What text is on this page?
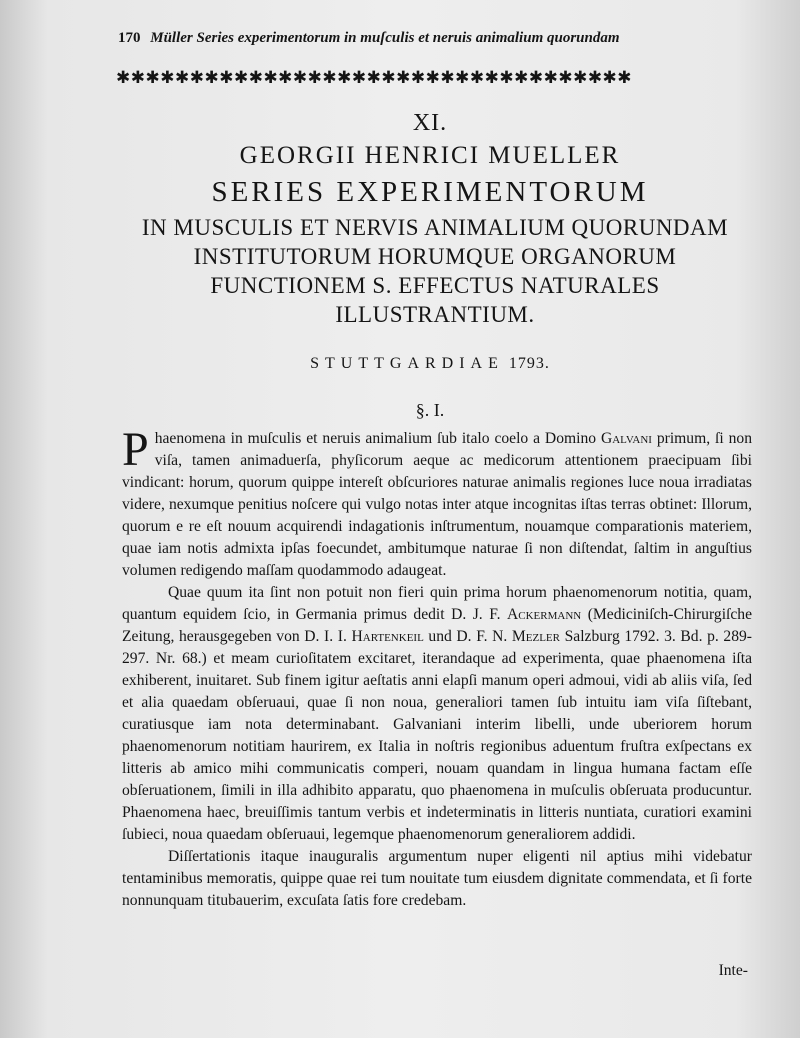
170 Müller Series experimentorum in muſculis et neruis animalium quorundam
✱✱✱✱✱✱✱✱✱✱✱✱✱✱✱✱✱✱✱✱✱✱✱✱✱✱✱✱✱✱✱✱✱✱✱
XI.
GEORGII HENRICI MUELLER
SERIES EXPERIMENTORUM
IN MUSCULIS ET NERVIS ANIMALIUM QUORUNDAM INSTITUTORUM HORUMQUE ORGANORUM FUNCTIONEM S. EFFECTUS NATURALES ILLUSTRANTIUM.
STUTTGARDIAE 1793.
§. I.

Phaenomena in muſculis et neruis animalium ſub italo coelo a Domino Galvani primum, ſi non viſa, tamen animaduerſa, phyſicorum aeque ac medicorum attentionem praecipuam ſibi vindicant: horum, quorum quippe intereſt obſcuriores naturae animalis regiones luce noua irradiatas videre, nexumque penitius noſcere qui vulgo notas inter atque incognitas iſtas terras obtinet: Illorum, quorum e re eſt nouum acquirendi indagationis inſtrumentum, nouamque comparationis materiem, quae iam notis admixta ipſas foecundet, ambitumque naturae ſi non diſtendat, ſaltim in anguſtius volumen redigendo maſſam quodammodo adaugeat.

Quae quum ita ſint non potuit non fieri quin prima horum phaenomenorum notitia, quam, quantum equidem ſcio, in Germania primus dedit D. J. F. Ackermann (Mediciniſch-Chirurgiſche Zeitung, herausgegeben von D. I. I. Hartenkeil und D. F. N. Mezler Salzburg 1792. 3. Bd. p. 289-297. Nr. 68.) et meam curioſitatem excitaret, iterandaque ad experimenta, quae phaenomena iſta exhiberent, inuitaret. Sub finem igitur aeſtatis anni elapſi manum operi admoui, vidi ab aliis viſa, ſed et alia quaedam obſeruaui, quae ſi non noua, generaliori tamen ſub intuitu iam viſa ſiſtebant, curatiusque iam nota determinabant. Galvaniani interim libelli, unde uberiorem horum phaenomenorum notitiam haurirem, ex Italia in noſtris regionibus aduentum fruſtra exſpectans ex litteris ab amico mihi communicatis comperi, nouam quandam in lingua humana factam eſſe obſeruationem, ſimili in illa adhibito apparatu, quo phaenomena in muſculis obſeruata producuntur. Phaenomena haec, breuiſſimis tantum verbis et indeterminatis in litteris nuntiata, curatiori examini ſubieci, noua quaedam obſeruaui, legemque phaenomenorum generaliorem addidi.

Diſſertationis itaque inauguralis argumentum nuper eligenti nil aptius mihi videbatur tentaminibus memoratis, quippe quae rei tum nouitate tum eiusdem dignitate commendata, et ſi forte nonnunquam titubauerim, excuſata ſatis fore credebam.

Inte-
